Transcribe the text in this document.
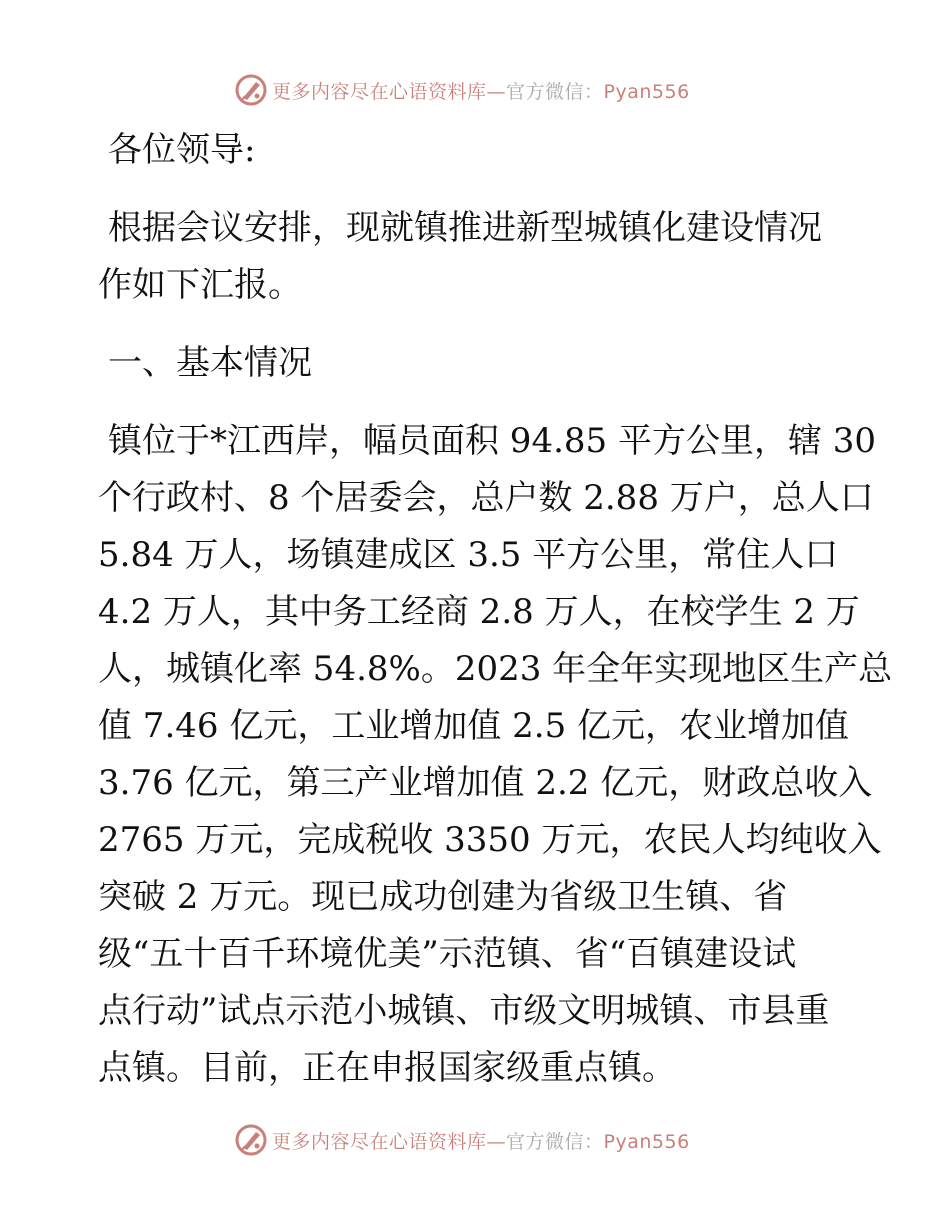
更多内容尽在心语资料库—官方微信：Pyan556

各位领导:

根据会议安排，现就镇推进新型城镇化建设情况

作如下汇报。

一、基本情况

镇位于*江西岸，幅员面积 94.85 平方公里，辖 30

个行政村、8 个居委会，总户数 2.88 万户，总人口

5.84 万人，场镇建成区 3.5 平方公里，常住人口

4.2 万人，其中务工经商 2.8 万人，在校学生 2 万

人，城镇化率 54.8%。2023 年全年实现地区生产总

值 7.46 亿元，工业增加值 2.5 亿元，农业增加值

3.76 亿元，第三产业增加值 2.2 亿元，财政总收入

2765 万元，完成税收 3350 万元，农民人均纯收入

突破 2 万元。现已成功创建为省级卫生镇、省

级“五十百千环境优美”示范镇、省“百镇建设试

点行动”试点示范小城镇、市级文明城镇、市县重

点镇。目前，正在申报国家级重点镇。

更多内容尽在心语资料库—官方微信：Pyan556
